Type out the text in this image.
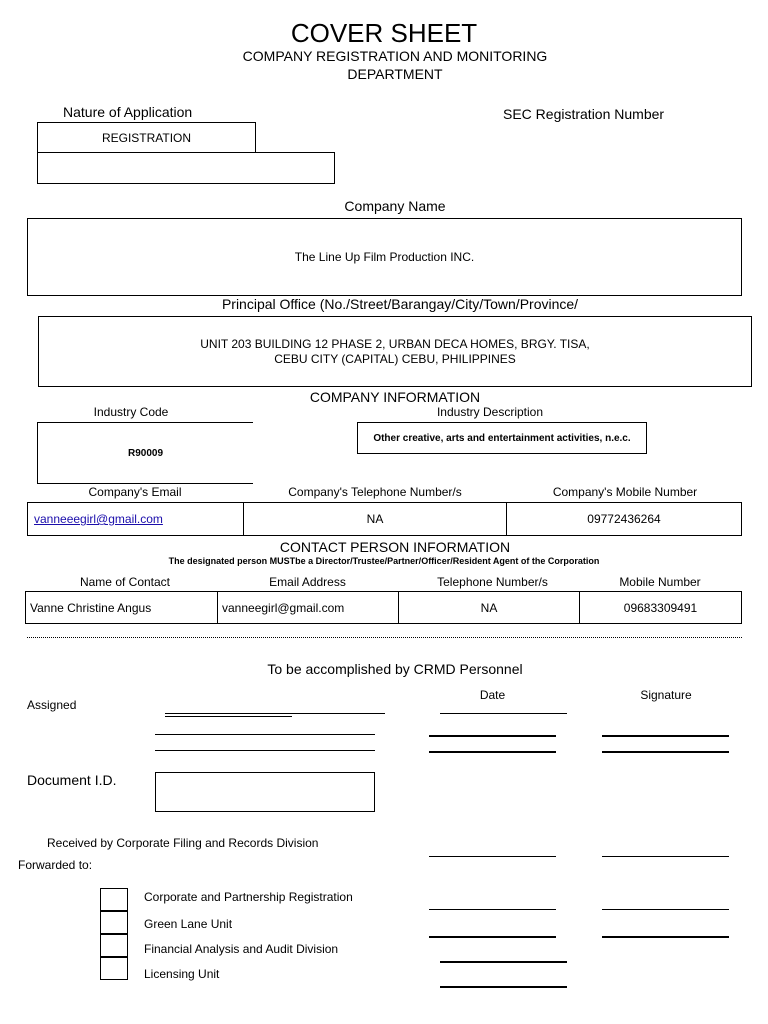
COVER SHEET
COMPANY REGISTRATION AND MONITORING
DEPARTMENT
Nature of Application
REGISTRATION
SEC Registration Number
Company Name
The Line Up Film Production INC.
Principal Office (No./Street/Barangay/City/Town/Province/
UNIT 203 BUILDING 12 PHASE 2, URBAN DECA HOMES, BRGY. TISA,
CEBU CITY (CAPITAL) CEBU, PHILIPPINES
COMPANY INFORMATION
Industry Code	Industry Description
R90009
Other creative, arts and entertainment activities, n.e.c.
Company's Email	Company's Telephone Number/s	Company's Mobile Number
vanneeegirl@gmail.com	NA	09772436264
CONTACT PERSON INFORMATION
The designated person MUSTbe a Director/Trustee/Partner/Officer/Resident Agent of the Corporation
Name of Contact	Email Address	Telephone Number/s	Mobile Number
Vanne Christine Angus	vanneegirl@gmail.com	NA	09683309491
To be accomplished by CRMD Personnel
Date	Signature
Assigned
Document I.D.
Received by Corporate Filing and Records Division
Forwarded to:
Corporate and Partnership Registration
Green Lane Unit
Financial Analysis and Audit Division
Licensing Unit
